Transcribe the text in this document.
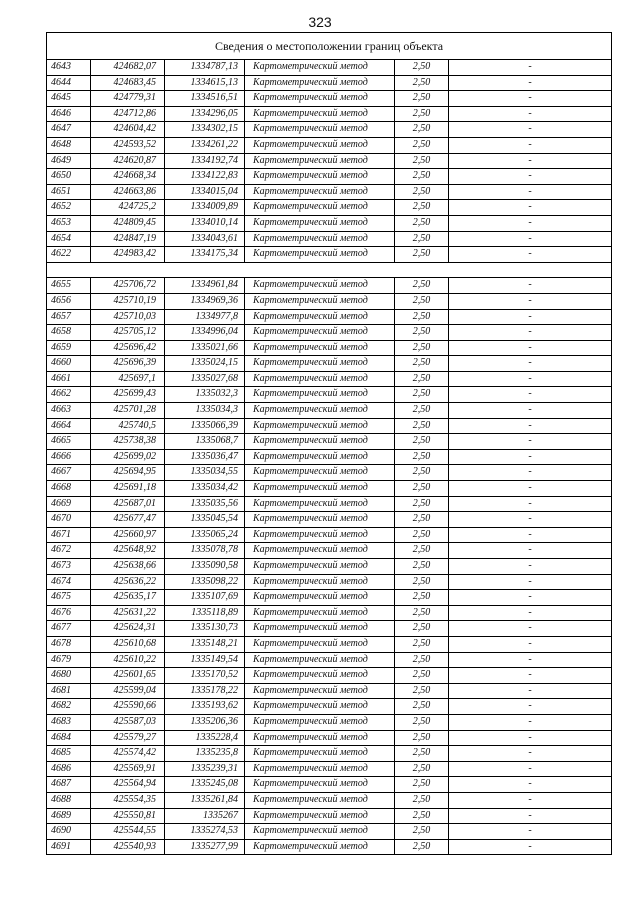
323
Сведения о местоположении границ объекта					
4643	424682,07	1334787,13	Картометрический метод	2,50	-
4644	424683,45	1334615,13	Картометрический метод	2,50	-
4645	424779,31	1334516,51	Картометрический метод	2,50	-
4646	424712,86	1334296,05	Картометрический метод	2,50	-
4647	424604,42	1334302,15	Картометрический метод	2,50	-
4648	424593,52	1334261,22	Картометрический метод	2,50	-
4649	424620,87	1334192,74	Картометрический метод	2,50	-
4650	424668,34	1334122,83	Картометрический метод	2,50	-
4651	424663,86	1334015,04	Картометрический метод	2,50	-
4652	424725,2	1334009,89	Картометрический метод	2,50	-
4653	424809,45	1334010,14	Картометрический метод	2,50	-
4654	424847,19	1334043,61	Картометрический метод	2,50	-
4622	424983,42	1334175,34	Картометрический метод	2,50	-

4655	425706,72	1334961,84	Картометрический метод	2,50	-
4656	425710,19	1334969,36	Картометрический метод	2,50	-
4657	425710,03	1334977,8	Картометрический метод	2,50	-
4658	425705,12	1334996,04	Картометрический метод	2,50	-
4659	425696,42	1335021,66	Картометрический метод	2,50	-
4660	425696,39	1335024,15	Картометрический метод	2,50	-
4661	425697,1	1335027,68	Картометрический метод	2,50	-
4662	425699,43	1335032,3	Картометрический метод	2,50	-
4663	425701,28	1335034,3	Картометрический метод	2,50	-
4664	425740,5	1335066,39	Картометрический метод	2,50	-
4665	425738,38	1335068,7	Картометрический метод	2,50	-
4666	425699,02	1335036,47	Картометрический метод	2,50	-
4667	425694,95	1335034,55	Картометрический метод	2,50	-
4668	425691,18	1335034,42	Картометрический метод	2,50	-
4669	425687,01	1335035,56	Картометрический метод	2,50	-
4670	425677,47	1335045,54	Картометрический метод	2,50	-
4671	425660,97	1335065,24	Картометрический метод	2,50	-
4672	425648,92	1335078,78	Картометрический метод	2,50	-
4673	425638,66	1335090,58	Картометрический метод	2,50	-
4674	425636,22	1335098,22	Картометрический метод	2,50	-
4675	425635,17	1335107,69	Картометрический метод	2,50	-
4676	425631,22	1335118,89	Картометрический метод	2,50	-
4677	425624,31	1335130,73	Картометрический метод	2,50	-
4678	425610,68	1335148,21	Картометрический метод	2,50	-
4679	425610,22	1335149,54	Картометрический метод	2,50	-
4680	425601,65	1335170,52	Картометрический метод	2,50	-
4681	425599,04	1335178,22	Картометрический метод	2,50	-
4682	425590,66	1335193,62	Картометрический метод	2,50	-
4683	425587,03	1335206,36	Картометрический метод	2,50	-
4684	425579,27	1335228,4	Картометрический метод	2,50	-
4685	425574,42	1335235,8	Картометрический метод	2,50	-
4686	425569,91	1335239,31	Картометрический метод	2,50	-
4687	425564,94	1335245,08	Картометрический метод	2,50	-
4688	425554,35	1335261,84	Картометрический метод	2,50	-
4689	425550,81	1335267	Картометрический метод	2,50	-
4690	425544,55	1335274,53	Картометрический метод	2,50	-
4691	425540,93	1335277,99	Картометрический метод	2,50	-
